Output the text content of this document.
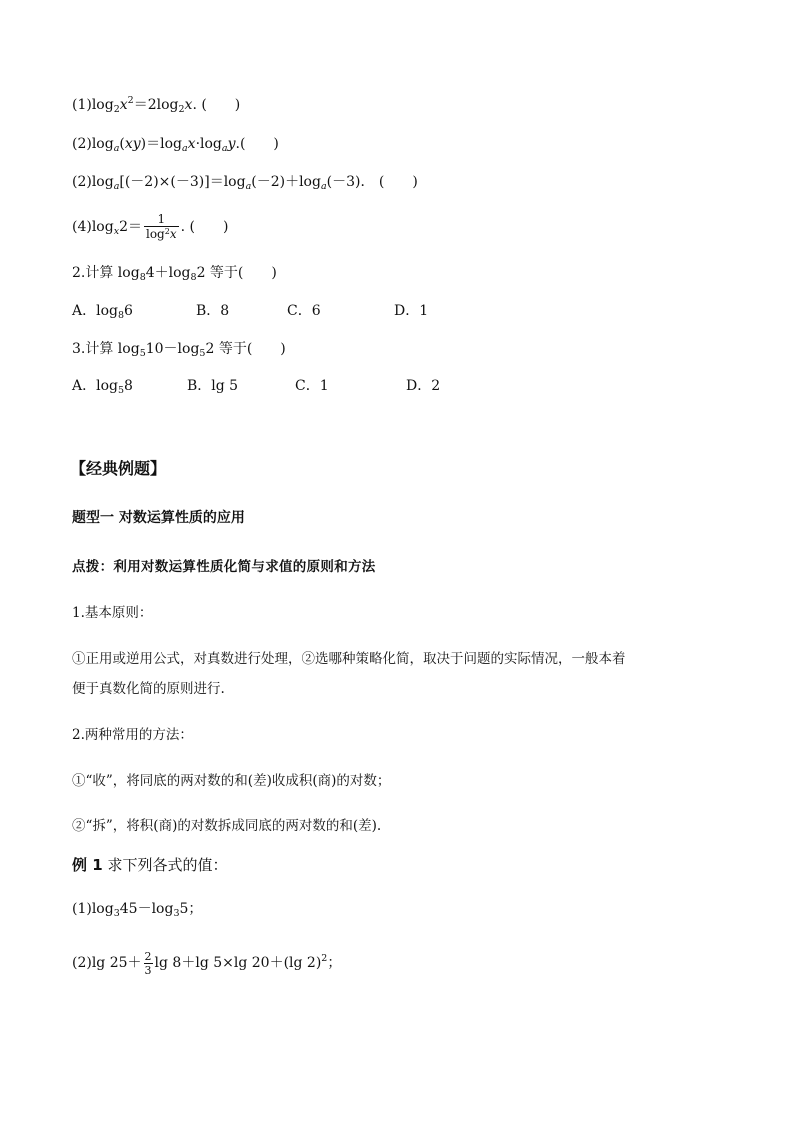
$(1)\log_2x^2=2\log_2x$. (　　)
$(2)\log_a(xy)=\log_ax\cdot\log_ay$.(　　)
$(2)\log_a[(-2)\times(-3)]=\log_a(-2)+\log_a(-3)$． (　　)
$(4)\log_x2= \frac{1}{\log^2x}$ . (　　)
2.计算 $\log_84+\log_82$ 等于(　　)
A．$\log_86$	B．8	C．6	D．1
3.计算 $\log_510-\log_52$ 等于(　　)
A．$\log_58$	B．lg 5	C．1	D．2
【经典例题】
题型一 对数运算性质的应用
点拨：利用对数运算性质化简与求值的原则和方法
1.基本原则：
①正用或逆用公式，对真数进行处理，②选哪种策略化简，取决于问题的实际情况，一般本着
便于真数化简的原则进行.
2.两种常用的方法：
①“收”，将同底的两对数的和(差)收成积(商)的对数；
②“拆”，将积(商)的对数拆成同底的两对数的和(差).
例 1 求下列各式的值：
$(1)\log_345-\log_35$；
(2)lg $25+ \frac{2}{3}$ lg 8＋lg 5×lg 20＋(lg 2)$^2$；
